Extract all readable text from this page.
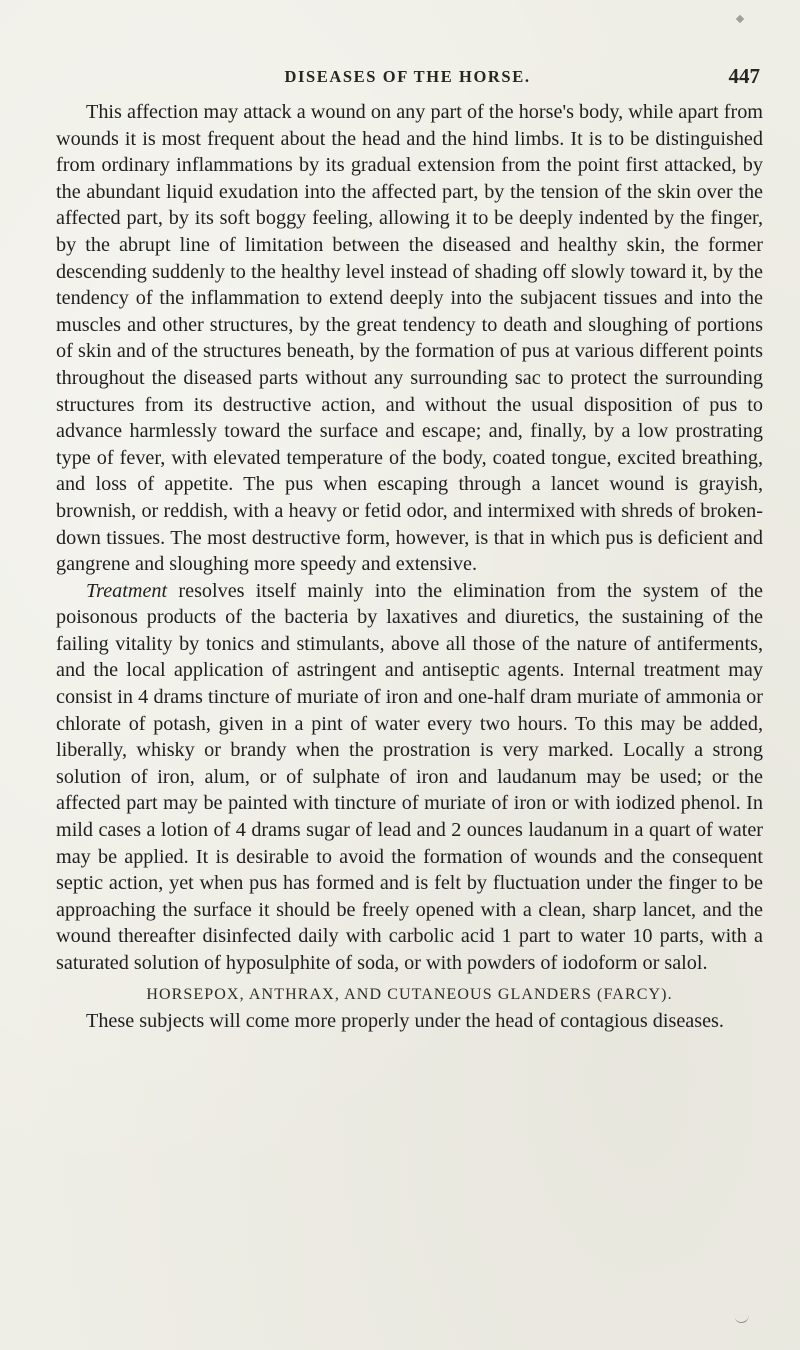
DISEASES OF THE HORSE.	447

This affection may attack a wound on any part of the horse's body, while apart from wounds it is most frequent about the head and the hind limbs. It is to be distinguished from ordinary inflammations by its gradual extension from the point first attacked, by the abundant liquid exudation into the affected part, by the tension of the skin over the affected part, by its soft boggy feeling, allowing it to be deeply indented by the finger, by the abrupt line of limitation between the diseased and healthy skin, the former descending suddenly to the healthy level instead of shading off slowly toward it, by the tendency of the inflammation to extend deeply into the subjacent tissues and into the muscles and other structures, by the great tendency to death and sloughing of portions of skin and of the structures beneath, by the formation of pus at various different points throughout the diseased parts without any surrounding sac to protect the surrounding structures from its destructive action, and without the usual disposition of pus to advance harmlessly toward the surface and escape; and, finally, by a low prostrating type of fever, with elevated temperature of the body, coated tongue, excited breathing, and loss of appetite. The pus when escaping through a lancet wound is grayish, brownish, or reddish, with a heavy or fetid odor, and intermixed with shreds of broken-down tissues. The most destructive form, however, is that in which pus is deficient and gangrene and sloughing more speedy and extensive.

Treatment resolves itself mainly into the elimination from the system of the poisonous products of the bacteria by laxatives and diuretics, the sustaining of the failing vitality by tonics and stimulants, above all those of the nature of antiferments, and the local application of astringent and antiseptic agents. Internal treatment may consist in 4 drams tincture of muriate of iron and one-half dram muriate of ammonia or chlorate of potash, given in a pint of water every two hours. To this may be added, liberally, whisky or brandy when the prostration is very marked. Locally a strong solution of iron, alum, or of sulphate of iron and laudanum may be used; or the affected part may be painted with tincture of muriate of iron or with iodized phenol. In mild cases a lotion of 4 drams sugar of lead and 2 ounces laudanum in a quart of water may be applied. It is desirable to avoid the formation of wounds and the consequent septic action, yet when pus has formed and is felt by fluctuation under the finger to be approaching the surface it should be freely opened with a clean, sharp lancet, and the wound thereafter disinfected daily with carbolic acid 1 part to water 10 parts, with a saturated solution of hyposulphite of soda, or with powders of iodoform or salol.

HORSEPOX, ANTHRAX, AND CUTANEOUS GLANDERS (FARCY).

These subjects will come more properly under the head of contagious diseases.
